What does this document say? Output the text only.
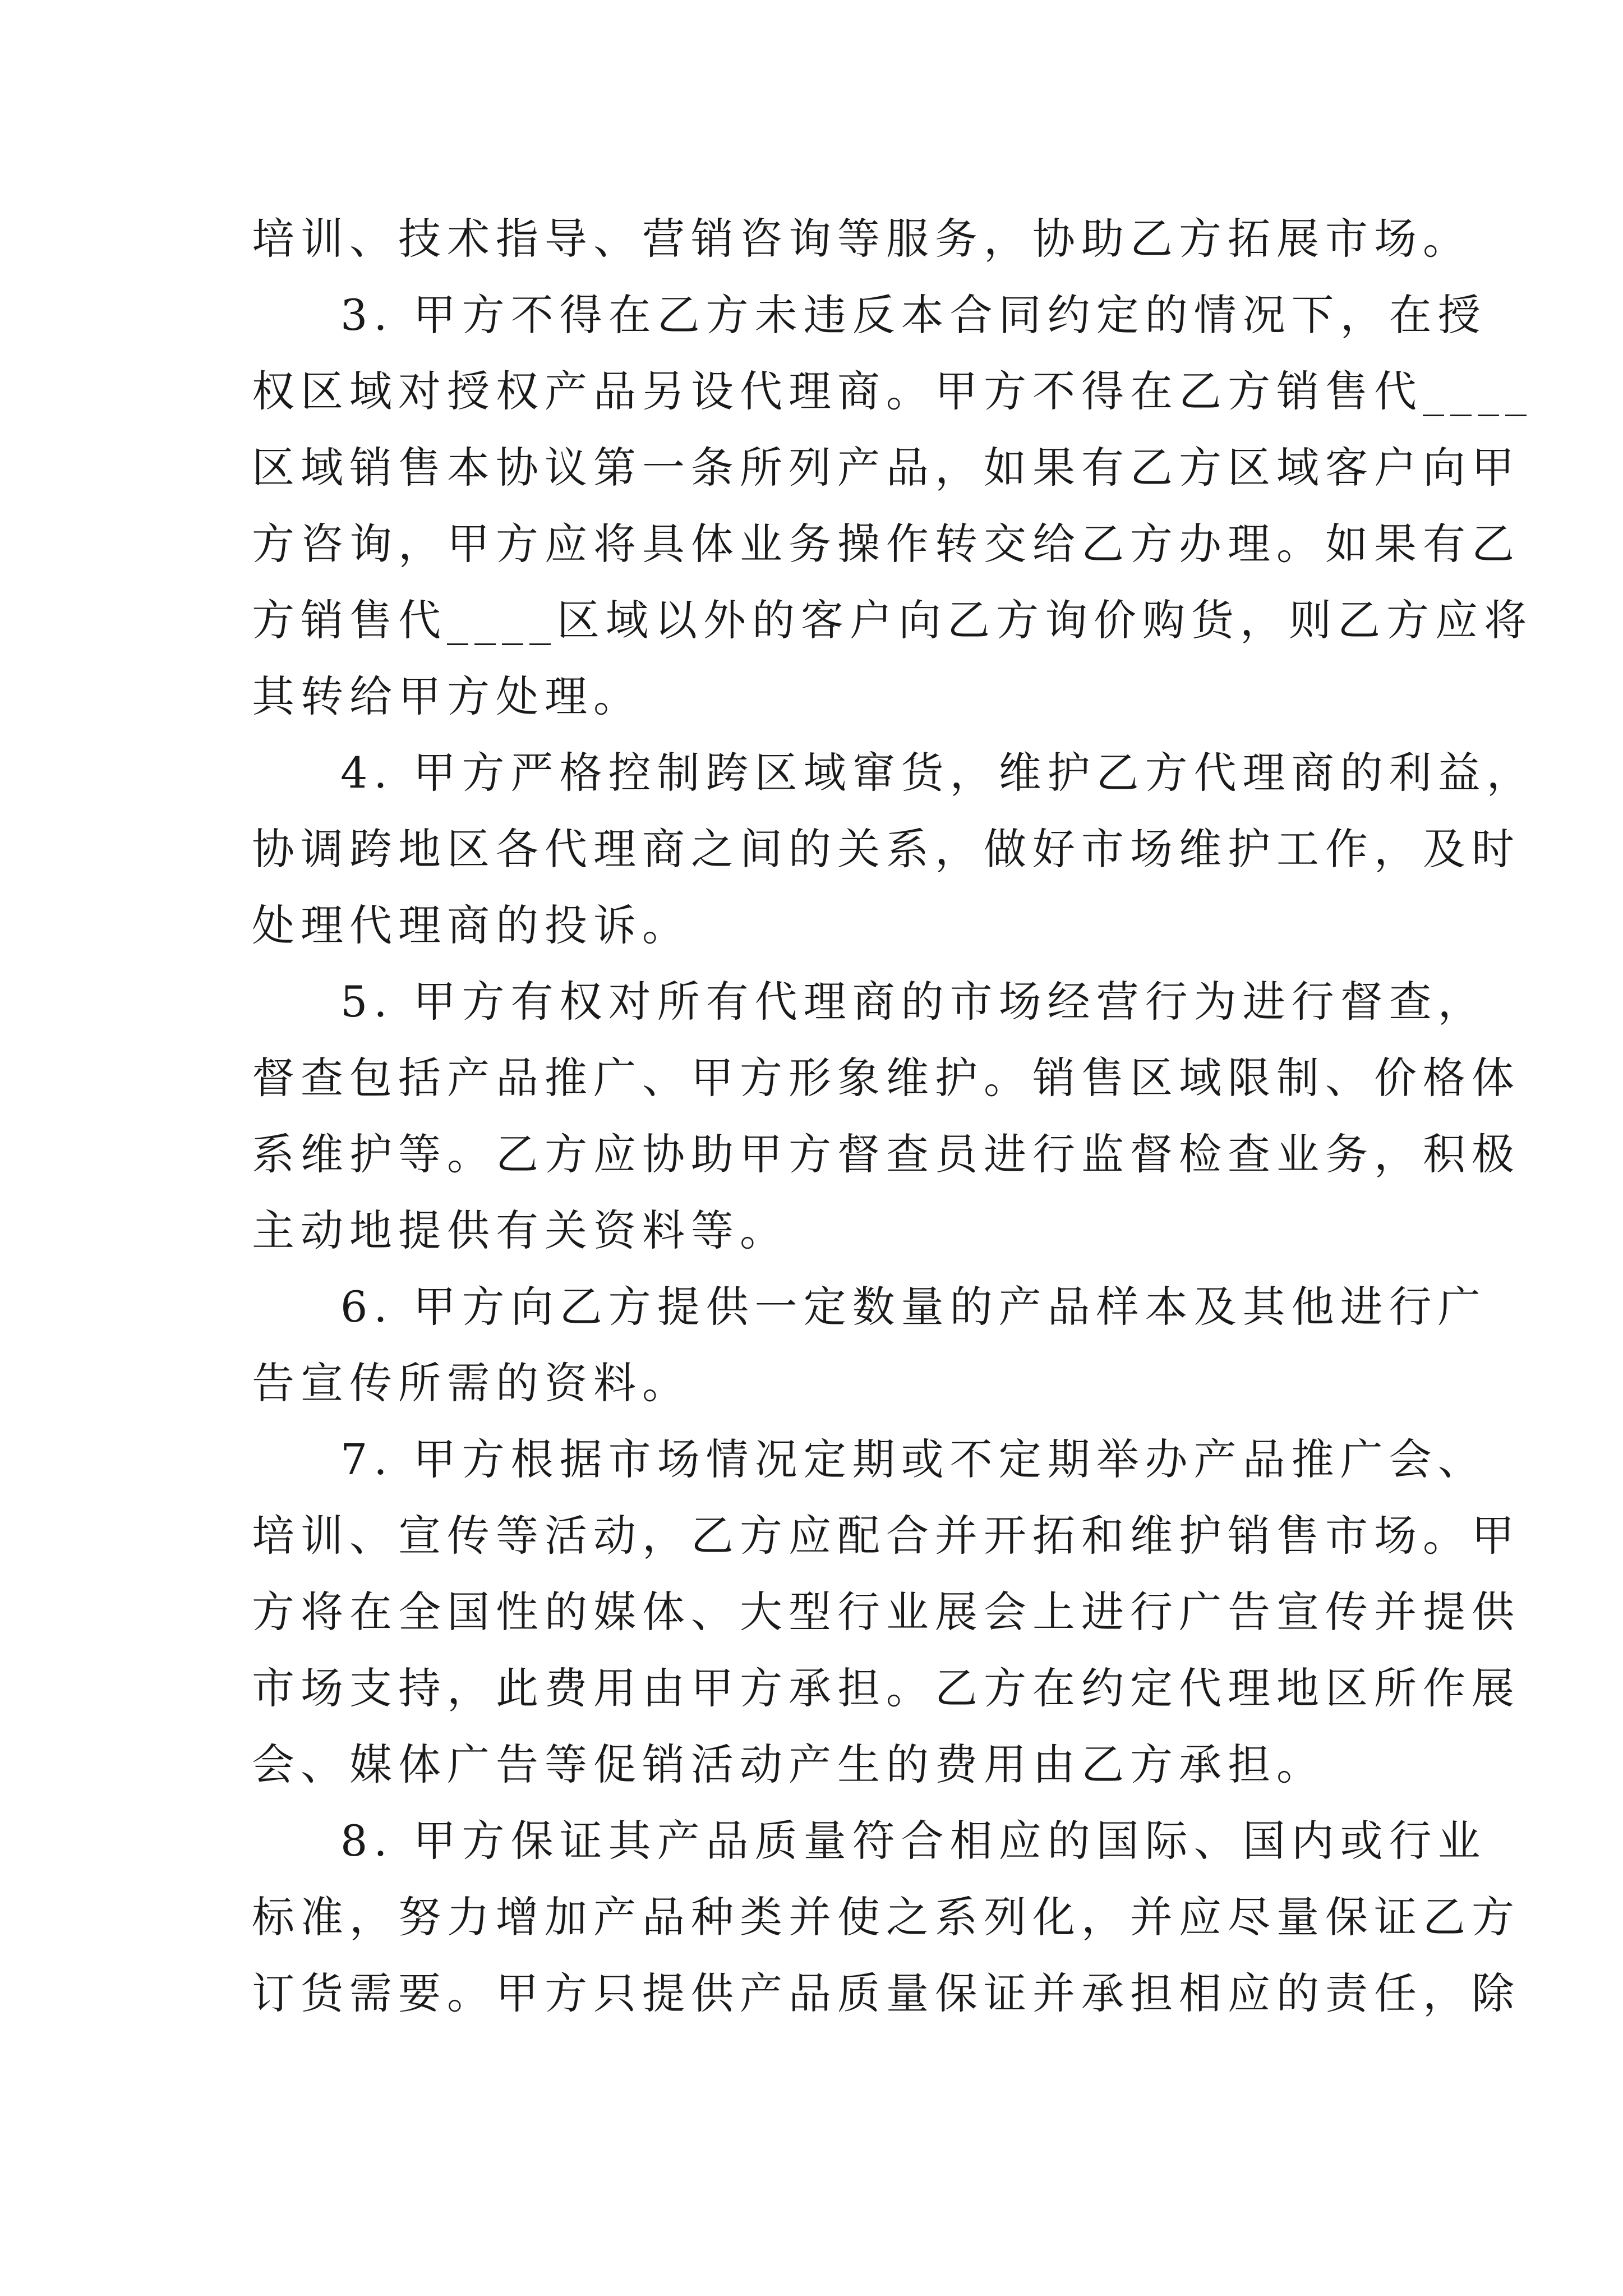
培训、技术指导、营销咨询等服务，协助乙方拓展市场。
3. 甲方不得在乙方未违反本合同约定的情况下，在授
权区域对授权产品另设代理商。甲方不得在乙方销售代____
区域销售本协议第一条所列产品，如果有乙方区域客户向甲
方咨询，甲方应将具体业务操作转交给乙方办理。如果有乙
方销售代____区域以外的客户向乙方询价购货，则乙方应将
其转给甲方处理。
4. 甲方严格控制跨区域窜货，维护乙方代理商的利益，
协调跨地区各代理商之间的关系，做好市场维护工作，及时
处理代理商的投诉。
5. 甲方有权对所有代理商的市场经营行为进行督查，
督查包括产品推广、甲方形象维护。销售区域限制、价格体
系维护等。乙方应协助甲方督查员进行监督检查业务，积极
主动地提供有关资料等。
6. 甲方向乙方提供一定数量的产品样本及其他进行广
告宣传所需的资料。
7. 甲方根据市场情况定期或不定期举办产品推广会、
培训、宣传等活动，乙方应配合并开拓和维护销售市场。甲
方将在全国性的媒体、大型行业展会上进行广告宣传并提供
市场支持，此费用由甲方承担。乙方在约定代理地区所作展
会、媒体广告等促销活动产生的费用由乙方承担。
8. 甲方保证其产品质量符合相应的国际、国内或行业
标准，努力增加产品种类并使之系列化，并应尽量保证乙方
订货需要。甲方只提供产品质量保证并承担相应的责任，除
